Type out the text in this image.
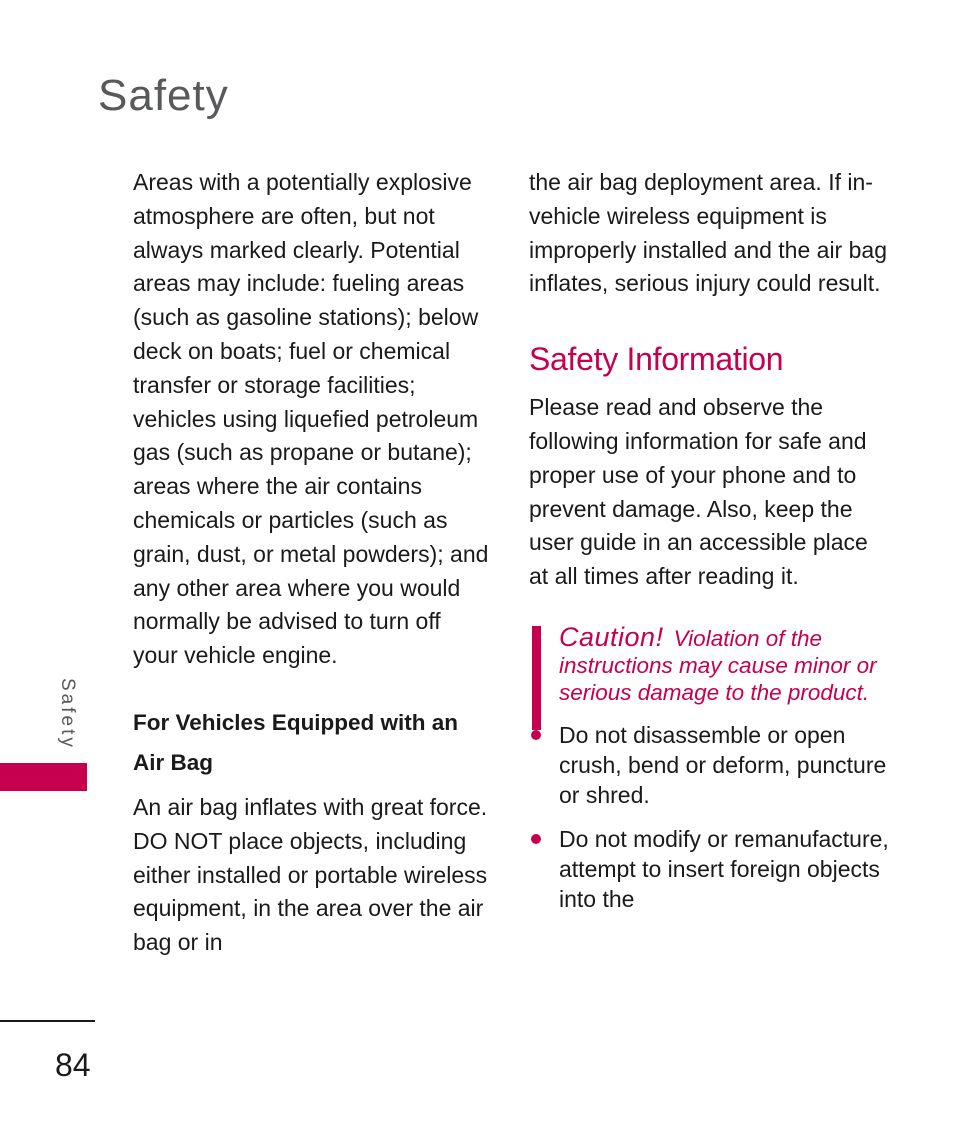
Safety

Areas with a potentially explosive atmosphere are often, but not always marked clearly. Potential areas may include: fueling areas (such as gasoline stations); below deck on boats; fuel or chemical transfer or storage facilities; vehicles using liquefied petroleum gas (such as propane or butane); areas where the air contains chemicals or particles (such as grain, dust, or metal powders); and any other area where you would normally be advised to turn off your vehicle engine.

For Vehicles Equipped with an Air Bag

An air bag inflates with great force. DO NOT place objects, including either installed or portable wireless equipment, in the area over the air bag or in

the air bag deployment area. If in-vehicle wireless equipment is improperly installed and the air bag inflates, serious injury could result.

Safety Information

Please read and observe the following information for safe and proper use of your phone and to prevent damage. Also, keep the user guide in an accessible place at all times after reading it.

Caution! Violation of the instructions may cause minor or serious damage to the product.
Do not disassemble or open crush, bend or deform, puncture or shred.
Do not modify or remanufacture, attempt to insert foreign objects into the
Safety
84
